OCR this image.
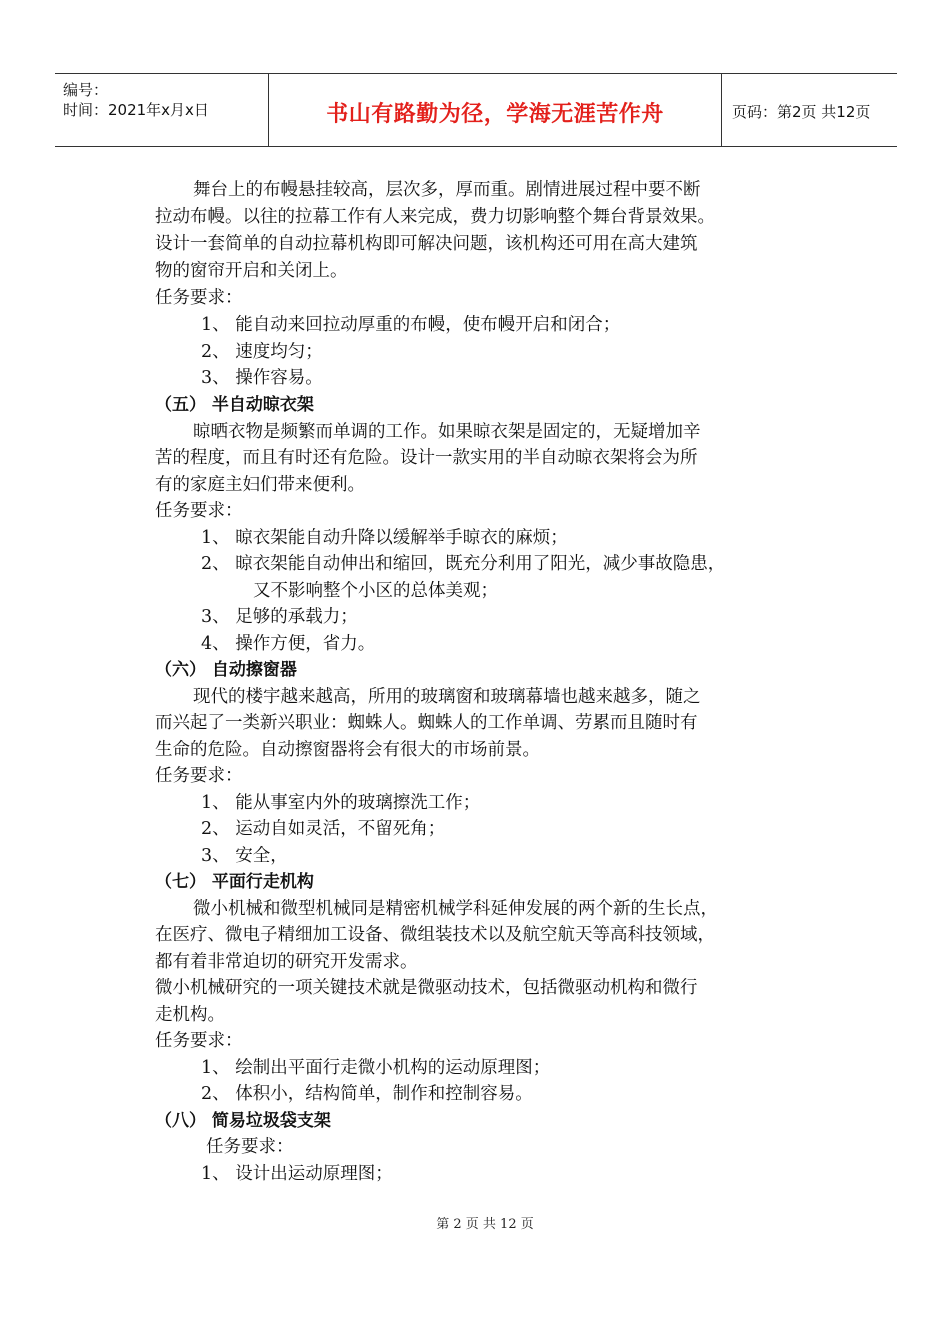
编号：
时间：2021年x月x日	书山有路勤为径，学海无涯苦作舟	页码：第2页 共12页
舞台上的布幔悬挂较高，层次多，厚而重。剧情进展过程中要不断
拉动布幔。以往的拉幕工作有人来完成，费力切影响整个舞台背景效果。
设计一套简单的自动拉幕机构即可解决问题，该机构还可用在高大建筑
物的窗帘开启和关闭上。
任务要求：
1、 能自动来回拉动厚重的布幔，使布幔开启和闭合；
2、 速度均匀；
3、 操作容易。
（五） 半自动晾衣架
晾晒衣物是频繁而单调的工作。如果晾衣架是固定的，无疑增加辛
苦的程度，而且有时还有危险。设计一款实用的半自动晾衣架将会为所
有的家庭主妇们带来便利。
任务要求：
1、 晾衣架能自动升降以缓解举手晾衣的麻烦；
2、 晾衣架能自动伸出和缩回，既充分利用了阳光，减少事故隐患，
又不影响整个小区的总体美观；
3、 足够的承载力；
4、 操作方便，省力。
（六） 自动擦窗器
现代的楼宇越来越高，所用的玻璃窗和玻璃幕墙也越来越多，随之
而兴起了一类新兴职业：蜘蛛人。蜘蛛人的工作单调、劳累而且随时有
生命的危险。自动擦窗器将会有很大的市场前景。
任务要求：
1、 能从事室内外的玻璃擦洗工作；
2、 运动自如灵活，不留死角；
3、 安全，
（七） 平面行走机构
微小机械和微型机械同是精密机械学科延伸发展的两个新的生长点，
在医疗、微电子精细加工设备、微组装技术以及航空航天等高科技领域，
都有着非常迫切的研究开发需求。
微小机械研究的一项关键技术就是微驱动技术，包括微驱动机构和微行
走机构。
任务要求：
1、 绘制出平面行走微小机构的运动原理图；
2、 体积小，结构简单，制作和控制容易。
（八） 简易垃圾袋支架
任务要求：
1、 设计出运动原理图；
第 2 页 共 12 页
